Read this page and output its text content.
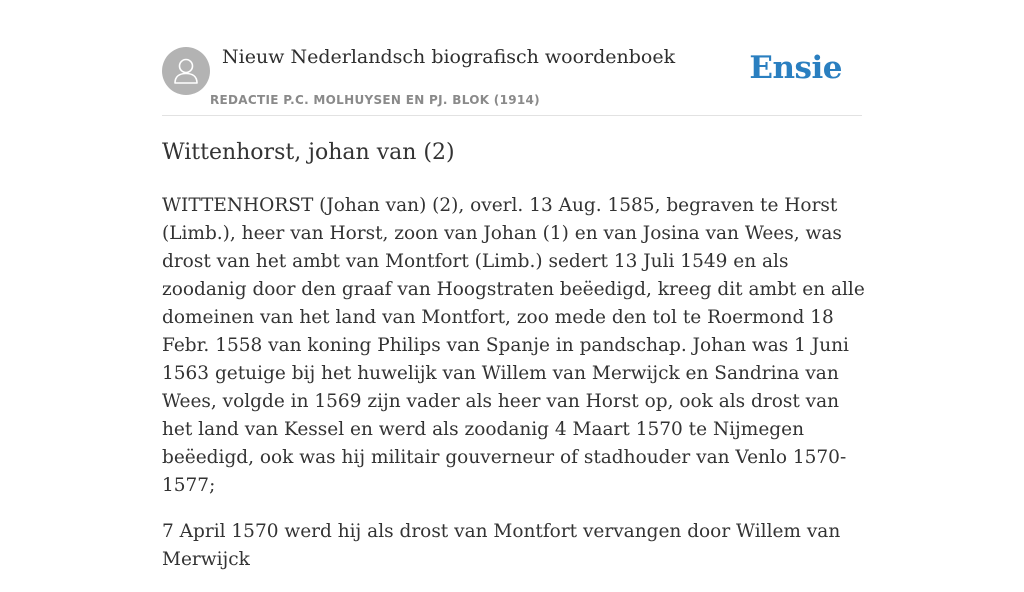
Nieuw Nederlandsch biografisch woordenboek
REDACTIE P.C. MOLHUYSEN EN PJ. BLOK (1914)
Ensie
Wittenhorst, johan van (2)

WITTENHORST (Johan van) (2), overl. 13 Aug. 1585, begraven te Horst (Limb.), heer van Horst, zoon van Johan (1) en van Josina van Wees, was drost van het ambt van Montfort (Limb.) sedert 13 Juli 1549 en als zoodanig door den graaf van Hoogstraten beëedigd, kreeg dit ambt en alle domeinen van het land van Montfort, zoo mede den tol te Roermond 18 Febr. 1558 van koning Philips van Spanje in pandschap. Johan was 1 Juni 1563 getuige bij het huwelijk van Willem van Merwijck en Sandrina van Wees, volgde in 1569 zijn vader als heer van Horst op, ook als drost van het land van Kessel en werd als zoodanig 4 Maart 1570 te Nijmegen beëedigd, ook was hij militair gouverneur of stadhouder van Venlo 1570-1577;

7 April 1570 werd hij als drost van Montfort vervangen door Willem van Merwijck
